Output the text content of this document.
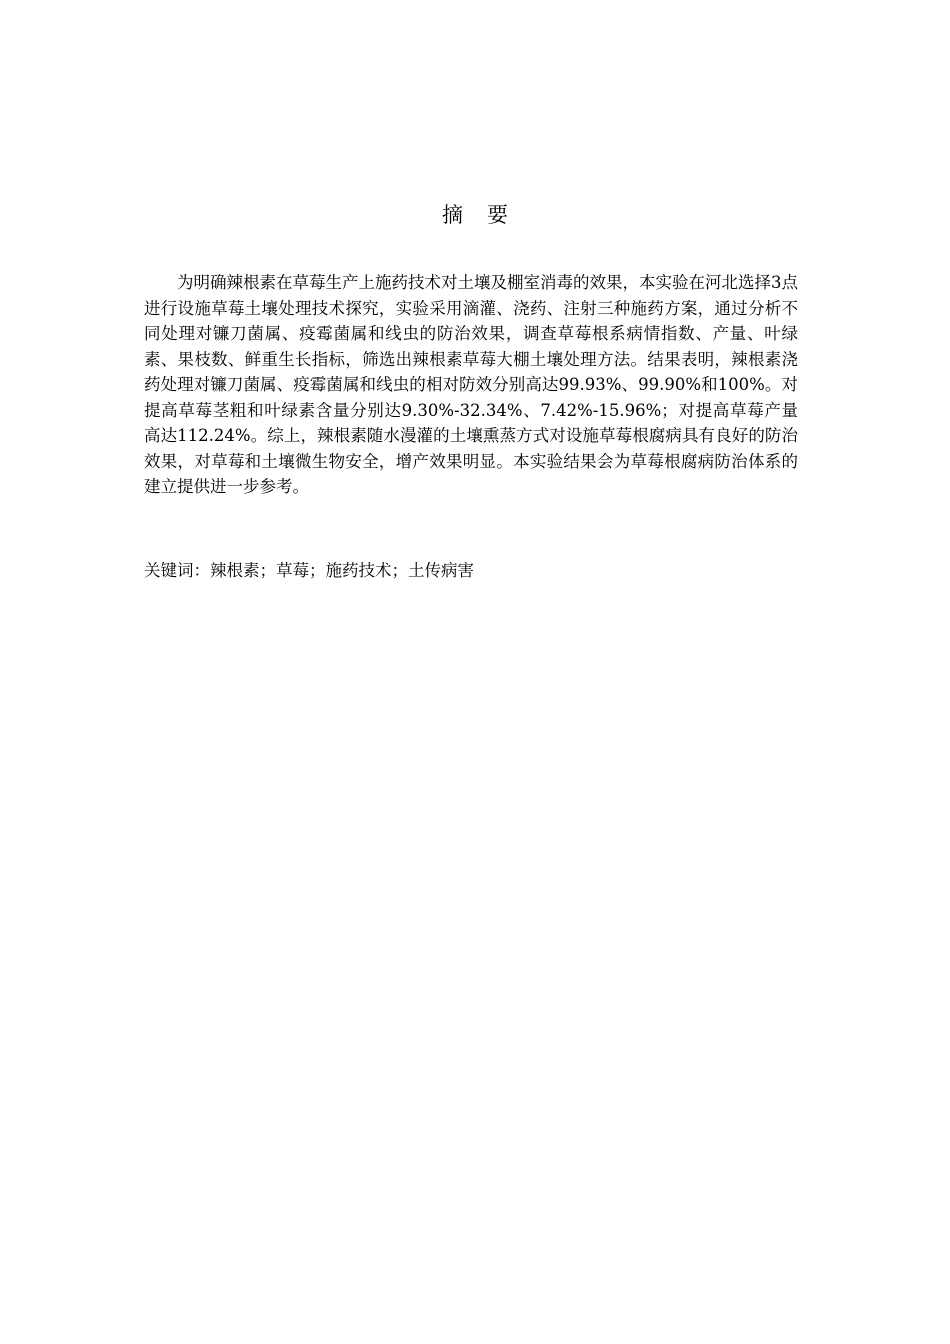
摘要

为明确辣根素在草莓生产上施药技术对土壤及棚室消毒的效果，本实验在河北选择3点进行设施草莓土壤处理技术探究，实验采用滴灌、浇药、注射三种施药方案，通过分析不同处理对镰刀菌属、疫霉菌属和线虫的防治效果，调查草莓根系病情指数、产量、叶绿素、果枝数、鲜重生长指标，筛选出辣根素草莓大棚土壤处理方法。结果表明，辣根素浇药处理对镰刀菌属、疫霉菌属和线虫的相对防效分别高达99.93%、99.90%和100%。对提高草莓茎粗和叶绿素含量分别达9.30%-32.34%、7.42%-15.96%；对提高草莓产量高达112.24%。综上，辣根素随水漫灌的土壤熏蒸方式对设施草莓根腐病具有良好的防治效果，对草莓和土壤微生物安全，增产效果明显。本实验结果会为草莓根腐病防治体系的建立提供进一步参考。

关键词：辣根素；草莓；施药技术；土传病害
